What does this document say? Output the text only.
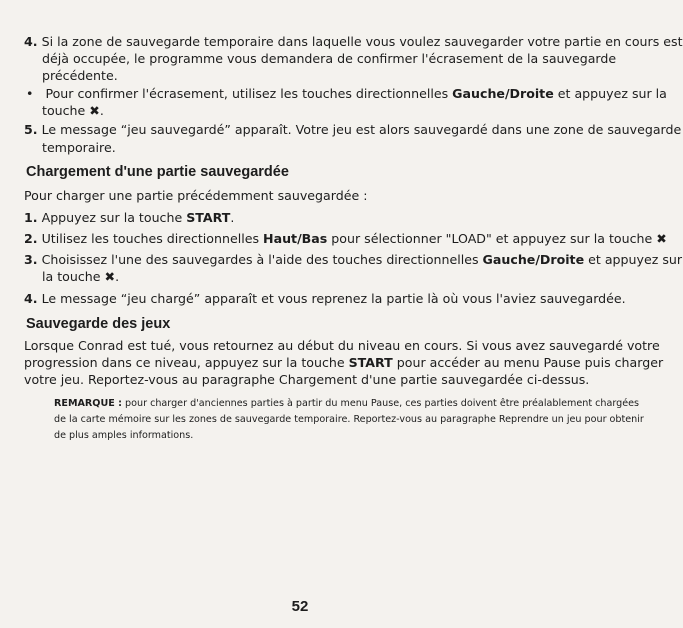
4. Si la zone de sauvegarde temporaire dans laquelle vous voulez sauvegarder votre partie en cours est
déjà occupée, le programme vous demandera de confirmer l'écrasement de la sauvegarde
précédente.
• Pour confirmer l'écrasement, utilisez les touches directionnelles Gauche/Droite et appuyez sur la
touche ✖.
5. Le message “jeu sauvegardé” apparaît. Votre jeu est alors sauvegardé dans une zone de sauvegarde
temporaire.
Chargement d'une partie sauvegardée
Pour charger une partie précédemment sauvegardée :
1. Appuyez sur la touche START.
2. Utilisez les touches directionnelles Haut/Bas pour sélectionner "LOAD" et appuyez sur la touche ✖
3. Choisissez l'une des sauvegardes à l'aide des touches directionnelles Gauche/Droite et appuyez sur
la touche ✖.
4. Le message “jeu chargé” apparaît et vous reprenez la partie là où vous l'aviez sauvegardée.
Sauvegarde des jeux
Lorsque Conrad est tué, vous retournez au début du niveau en cours. Si vous avez sauvegardé votre
progression dans ce niveau, appuyez sur la touche START pour accéder au menu Pause puis charger
votre jeu. Reportez-vous au paragraphe Chargement d'une partie sauvegardée ci-dessus.
REMARQUE : pour charger d'anciennes parties à partir du menu Pause, ces parties doivent être préalablement chargées
de la carte mémoire sur les zones de sauvegarde temporaire. Reportez-vous au paragraphe Reprendre un jeu pour obtenir
de plus amples informations.
52
